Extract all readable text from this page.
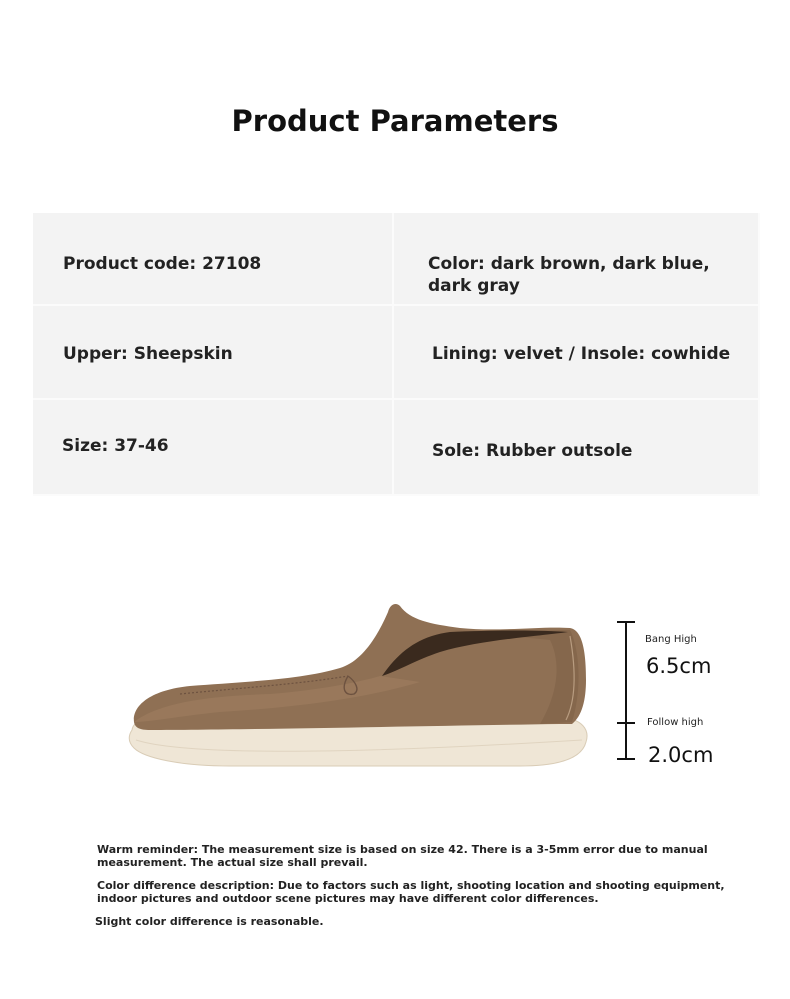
Product Parameters
Product code: 27108	Color: dark brown, dark blue, dark gray
Upper: Sheepskin	Lining: velvet / Insole: cowhide
Size: 37-46	Sole: Rubber outsole
Bang High
6.5cm
Follow high
2.0cm

Warm reminder: The measurement size is based on size 42. There is a 3-5mm error due to manual measurement. The actual size shall prevail.

Color difference description: Due to factors such as light, shooting location and shooting equipment, indoor pictures and outdoor scene pictures may have different color differences.

Slight color difference is reasonable.
